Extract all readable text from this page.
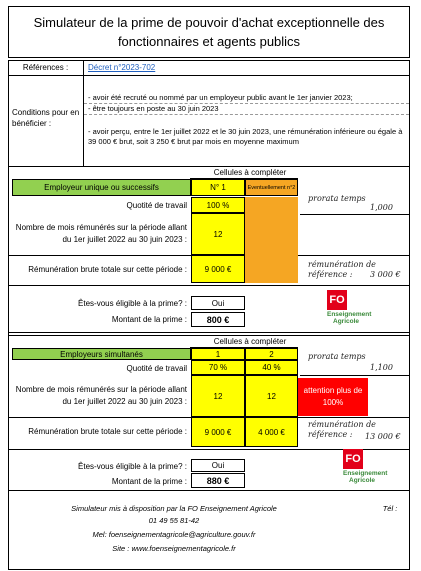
Simulateur de la prime de pouvoir d'achat exceptionnelle des fonctionnaires et agents publics
Références :	Décret n°2023-702
Conditions pour en bénéficier :
- avoir été recruté ou nommé par un employeur public avant le 1er janvier 2023;
- être toujours en poste au 30 juin 2023
- avoir perçu, entre le 1er juillet 2022 et le 30 juin 2023, une rémunération inférieure ou égale à 39 000 € brut, soit 3 250 € brut par mois en moyenne maximum
Cellules à compléter
Employeur unique ou successifs	N° 1	Eventuellement n°2
Quotité de travail	100 %
prorata temps
1,000
Nombre de mois rémunérés sur la période allant du 1er juillet 2022 au 30 juin 2023 :
12
Rémunération brute totale sur cette période :	9 000 €	rémunération de référence :	3 000 €
Êtes-vous éligible à la prime? :	Oui
Montant de la prime :	800 €
FO
Enseignement
Agricole
Cellules à compléter
Employeurs simultanés	1	2
Quotité de travail	70 %	40 %
prorata temps
1,100
Nombre de mois rémunérés sur la période allant du 1er juillet 2022 au 30 juin 2023 :
12	12
attention plus de 100%
Rémunération brute totale sur cette période :	9 000 €	4 000 €
rémunération de référence :	13 000 €
Êtes-vous éligible à la prime? :	Oui
Montant de la prime :	880 €
FO
Enseignement
Agricole
Simulateur mis à disposition par la FO Enseignement Agricole	Tél :
01 49 55 81-42
Mel: foenseignementagricole@agriculture.gouv.fr
Site : www.foenseignementagricole.fr
